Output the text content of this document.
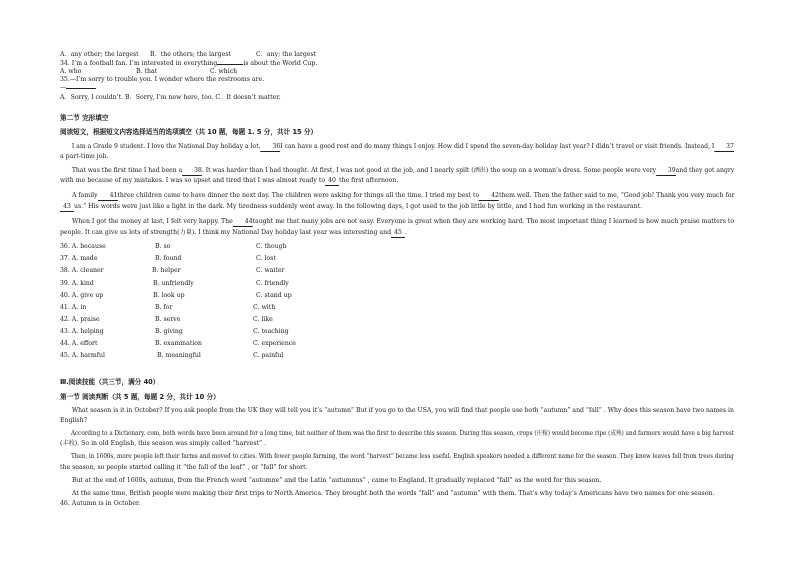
A．any other; the largest B．the others; the largest	C．any; the largest
34. I’m a football fan. I’m interested in everything	is about the World Cup.
A. who	B. that	C. which
35.—I’m sorry to trouble you. I wonder where the restrooms are.
—
A．Sorry, I couldn’t. B．Sorry, I’m new here, too. C．It doesn’t matter.
第二节 完形填空
阅读短文，根据短文内容选择适当的选项填空（共 10 题，每题 1. 5 分，共计 15 分）
I am a Grade 9 student. I love the National Day holiday a lot. 36I can have a good rest and do many things I enjoy. How did I spend the seven-day holiday last year? I didn’t travel or visit friends. Instead, I 37
a part-time job.
That was the first time I had been a 38. It was harder than I had thought. At first, I was not good at the job, and I nearly spilt (洒出) the soup on a woman’s dress. Some people were very 39and they got angry
with me because of my mistakes. I was so upset and tired that I was almost ready to 40 the first afternoon.
A family 41three children came to have dinner the next day. The children were asking for things all the time. I tried my best to 42them well. Then the father said to me, “Good job! Thank you very much for
43 us.” His words were just like a light in the dark. My tiredness suddenly went away. In the following days, I got used to the job little by little, and I had fun working in the restaurant.
When I got the money at last, I felt very happy. The 44taught me that many jobs are not easy. Everyone is great when they are working hard. The most important thing I learned is how much praise matters to
people. It can give us lots of strength(力量). I think my National Day holiday last year was interesting and 45 .
36. A. because	B. so	C. though
37. A. made	B. found	C. lost
38. A. cleaner	B. helper	C. waiter
39. A. kind	B. unfriendly	C. friendly
40. A. give up	B. look up	C. stand up
41. A. in	B. for	C. with
42. A. praise	B. serve	C. like
43. A. helping	B. giving	C. teaching
44. A. effort	B. examination	C. experience
45. A. harmful	B. meaningful	C. painful
Ⅲ.阅读技能（共三节，满分 40）
第一节 阅读判断（共 5 题，每题 2 分，共计 10 分）
What season is it in October? If you ask people from the UK they will tell you it’s “autumn” But if you go to the USA, you will find that people use both “autumn” and “fall” . Why does this season have two names in
English?
According to a Dictionary. com, both words have been around for a long time, but neither of them was the first to describe this season. During this season, crops (庄稼) would become ripe (成熟) and farmers would have a big harvest
(丰收). So in old English, this season was simply called “harvest” .
Then, in 1600s, more people left their farms and moved to cities. With fewer people farming, the word “harvest” became less useful. English speakers needed a different name for the season. They knew leaves fell from trees during
the season, so people started calling it “the fall of the leaf” , or “fall” for short.
But at the end of 1600s, autumn, from the French word “automne” and the Latin “autumnus” , came to England. It gradually replaced “fall” as the word for this season.
At the same time, British people were making their first trips to North America. They brought both the words “fall” and “autumn” with them. That’s why today’s Americans have two names for one season.
46. Autumn is in October.
